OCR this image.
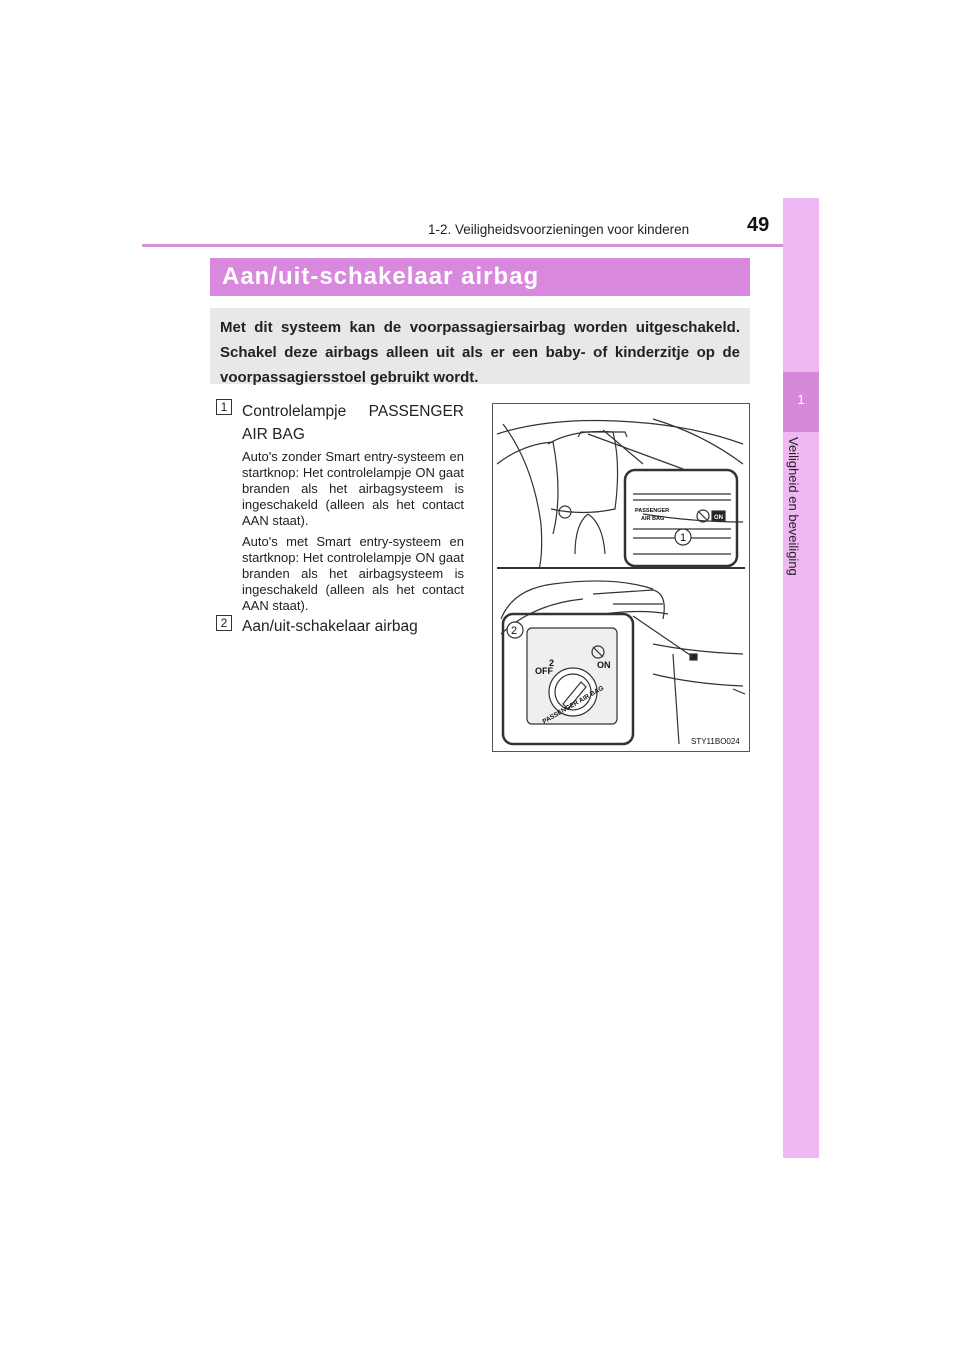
1-2. Veiligheidsvoorzieningen voor kinderen	49
1
Veiligheid en beveiliging
Aan/uit-schakelaar airbag
Met dit systeem kan de voorpassagiersairbag worden uitgeschakeld. Schakel deze airbags alleen uit als er een baby- of kinderzitje op de voorpassagiersstoel gebruikt wordt.
1 Controlelampje PASSENGER AIR BAG
Auto's zonder Smart entry-systeem en startknop: Het controlelampje ON gaat branden als het airbagsysteem is ingeschakeld (alleen als het contact AAN staat).
Auto's met Smart entry-systeem en startknop: Het controlelampje ON gaat branden als het airbagsysteem is ingeschakeld (alleen als het contact AAN staat).
2 Aan/uit-schakelaar airbag
PASSENGER
AIR BAG	ON
1
2
OFF
ON
2
PASSENGER AIR BAG
STY11BO024
